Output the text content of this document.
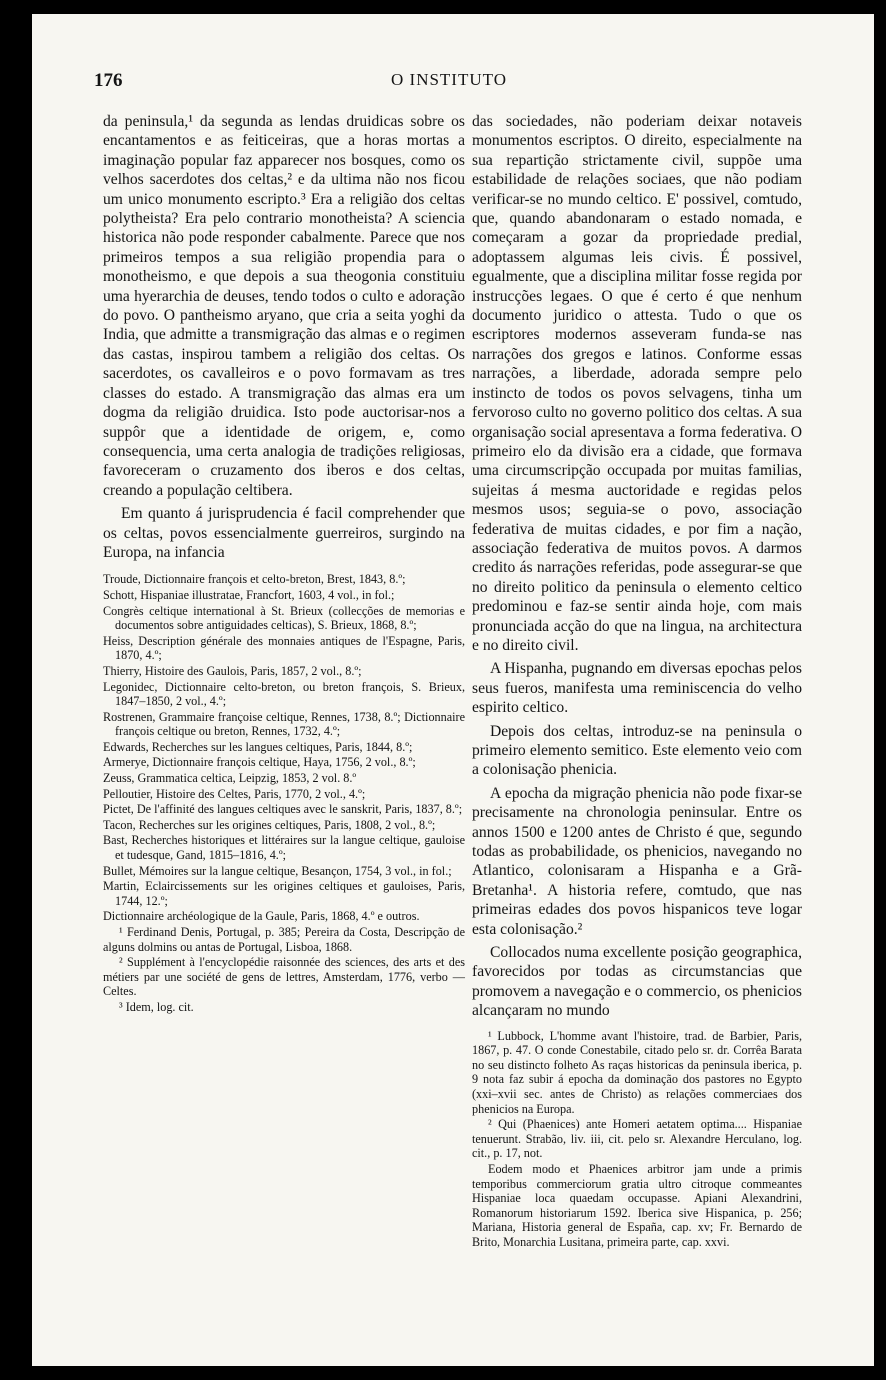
176	O INSTITUTO

da peninsula,¹ da segunda as lendas druidicas sobre os encantamentos e as feiticeiras, que a horas mortas a imaginação popular faz apparecer nos bosques, como os velhos sacerdotes dos celtas,² e da ultima não nos ficou um unico monumento escripto.³ Era a religião dos celtas polytheista? Era pelo contrario monotheista? A sciencia historica não pode responder cabalmente. Parece que nos primeiros tempos a sua religião propendia para o monotheismo, e que depois a sua theogonia constituiu uma hyerarchia de deuses, tendo todos o culto e adoração do povo. O pantheismo aryano, que cria a seita yoghi da India, que admitte a transmigração das almas e o regimen das castas, inspirou tambem a religião dos celtas. Os sacerdotes, os cavalleiros e o povo formavam as tres classes do estado. A transmigração das almas era um dogma da religião druidica. Isto pode auctorisar-nos a suppôr que a identidade de origem, e, como consequencia, uma certa analogia de tradições religiosas, favoreceram o cruzamento dos iberos e dos celtas, creando a população celtibera.

Em quanto á jurisprudencia é facil comprehender que os celtas, povos essencialmente guerreiros, surgindo na Europa, na infancia

Troude, Dictionnaire françois et celto-breton, Brest, 1843, 8.º;
Schott, Hispaniae illustratae, Francfort, 1603, 4 vol., in fol.;
Congrès celtique international à St. Brieux (collecções de memorias e documentos sobre antiguidades celticas), S. Brieux, 1868, 8.º;
Heiss, Description générale des monnaies antiques de l'Espagne, Paris, 1870, 4.º;
Thierry, Histoire des Gaulois, Paris, 1857, 2 vol., 8.º;
Legonidec, Dictionnaire celto-breton, ou breton françois, S. Brieux, 1847–1850, 2 vol., 4.º;
Rostrenen, Grammaire françoise celtique, Rennes, 1738, 8.º; Dictionnaire françois celtique ou breton, Rennes, 1732, 4.º;
Edwards, Recherches sur les langues celtiques, Paris, 1844, 8.º;
Armerye, Dictionnaire françois celtique, Haya, 1756, 2 vol., 8.º;
Zeuss, Grammatica celtica, Leipzig, 1853, 2 vol. 8.º
Pelloutier, Histoire des Celtes, Paris, 1770, 2 vol., 4.º;
Pictet, De l'affinité des langues celtiques avec le sanskrit, Paris, 1837, 8.º;
Tacon, Recherches sur les origines celtiques, Paris, 1808, 2 vol., 8.º;
Bast, Recherches historiques et littéraires sur la langue celtique, gauloise et tudesque, Gand, 1815–1816, 4.º;
Bullet, Mémoires sur la langue celtique, Besançon, 1754, 3 vol., in fol.;
Martin, Eclaircissements sur les origines celtiques et gauloises, Paris, 1744, 12.º;
Dictionnaire archéologique de la Gaule, Paris, 1868, 4.º e outros.
¹ Ferdinand Denis, Portugal, p. 385; Pereira da Costa, Descripção de alguns dolmins ou antas de Portugal, Lisboa, 1868.
² Supplément à l'encyclopédie raisonnée des sciences, des arts et des métiers par une société de gens de lettres, Amsterdam, 1776, verbo — Celtes.
³ Idem, log. cit.

das sociedades, não poderiam deixar notaveis monumentos escriptos. O direito, especialmente na sua repartição strictamente civil, suppõe uma estabilidade de relações sociaes, que não podiam verificar-se no mundo celtico. E' possivel, comtudo, que, quando abandonaram o estado nomada, e começaram a gozar da propriedade predial, adoptassem algumas leis civis. É possivel, egualmente, que a disciplina militar fosse regida por instrucções legaes. O que é certo é que nenhum documento juridico o attesta. Tudo o que os escriptores modernos asseveram funda-se nas narrações dos gregos e latinos. Conforme essas narrações, a liberdade, adorada sempre pelo instincto de todos os povos selvagens, tinha um fervoroso culto no governo politico dos celtas. A sua organisação social apresentava a forma federativa. O primeiro elo da divisão era a cidade, que formava uma circumscripção occupada por muitas familias, sujeitas á mesma auctoridade e regidas pelos mesmos usos; seguia-se o povo, associação federativa de muitas cidades, e por fim a nação, associação federativa de muitos povos. A darmos credito ás narrações referidas, pode assegurar-se que no direito politico da peninsula o elemento celtico predominou e faz-se sentir ainda hoje, com mais pronunciada acção do que na lingua, na architectura e no direito civil.

A Hispanha, pugnando em diversas epochas pelos seus fueros, manifesta uma reminiscencia do velho espirito celtico.

Depois dos celtas, introduz-se na peninsula o primeiro elemento semitico. Este elemento veio com a colonisação phenicia.

A epocha da migração phenicia não pode fixar-se precisamente na chronologia peninsular. Entre os annos 1500 e 1200 antes de Christo é que, segundo todas as probabilidade, os phenicios, navegando no Atlantico, colonisaram a Hispanha e a Grã-Bretanha¹. A historia refere, comtudo, que nas primeiras edades dos povos hispanicos teve logar esta colonisação.²

Collocados numa excellente posição geographica, favorecidos por todas as circumstancias que promovem a navegação e o commercio, os phenicios alcançaram no mundo

¹ Lubbock, L'homme avant l'histoire, trad. de Barbier, Paris, 1867, p. 47. O conde Conestabile, citado pelo sr. dr. Corrêa Barata no seu distincto folheto As raças historicas da peninsula iberica, p. 9 nota faz subir á epocha da dominação dos pastores no Egypto (xxi–xvii sec. antes de Christo) as relações commerciaes dos phenicios na Europa.
² Qui (Phaenices) ante Homeri aetatem optima.... Hispaniae tenuerunt. Strabão, liv. iii, cit. pelo sr. Alexandre Herculano, log. cit., p. 17, not.
Eodem modo et Phaenices arbitror jam unde a primis temporibus commerciorum gratia ultro citroque commeantes Hispaniae loca quaedam occupasse. Apiani Alexandrini, Romanorum historiarum 1592. Iberica sive Hispanica, p. 256; Mariana, Historia general de España, cap. xv; Fr. Bernardo de Brito, Monarchia Lusitana, primeira parte, cap. xxvi.
